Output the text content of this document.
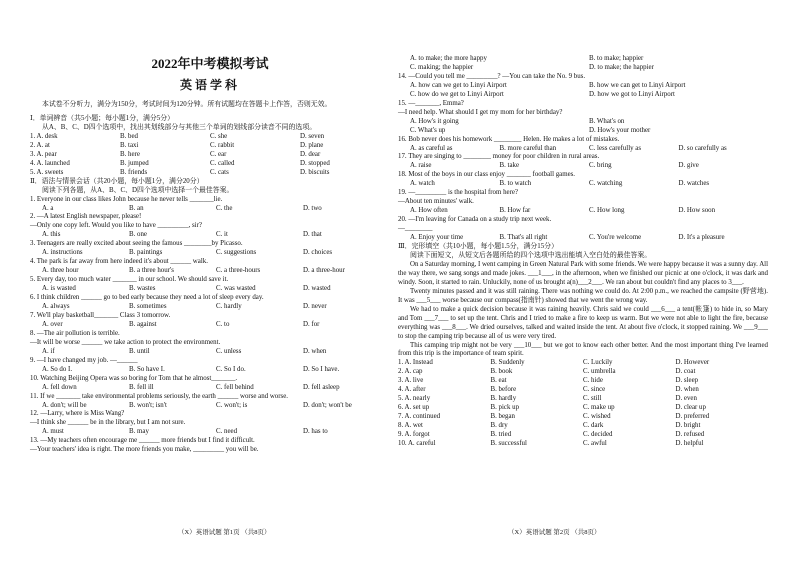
2022年中考模拟考试
英语学科
本试卷不分听力，满分为150分，考试时间为120分钟。所有试题均在答题卡上作答，否则无效。
Ⅰ．单词辨音（共5小题；每小题1分，满分5分）
从A、B、C、D四个选项中，找出其划线部分与其他三个单词的划线部分读音不同的选项。
1. A. desk	B. bed	C. she	D. seven
2. A. at	B. taxi	C. rabbit	D. plane
3. A. pear	B. here	C. ear	D. dear
4. A. launched	B. jumped	C. called	D. stopped
5. A. sweets	B. friends	C. cats	D. biscuits
Ⅱ．语法与情景会话（共20小题，每小题1分，满分20分）
阅读下列各题，从A、B、C、D四个选项中选择一个最佳答案。
1. Everyone in our class likes John because he never tells _______lie.
A. a	B. an	C. the	D. two
2. —A latest English newspaper, please!
—Only one copy left. Would you like to have _________, sir?
A. this	B. one	C. it	D. that
3. Teenagers are really excited about seeing the famous ________by Picasso.
A. instructions	B. paintings	C. suggestions	D. choices
4. The park is far away from here indeed it's about ______ walk.
A. three hour	B. a three hour's	C. a three-hours	D. a three-hour
5. Every day, too much water _______ in our school. We should save it.
A. is wasted	B. wastes	C. was wasted	D. wasted
6. I think children ______ go to bed early because they need a lot of sleep every day.
A. always	B. sometimes	C. hardly	D. never
7. We'll play basketball_______ Class 3 tomorrow.
A. over	B. against	C. to	D. for
8. —The air pollution is terrible.
—It will be worse ______ we take action to protect the environment.
A. if	B. until	C. unless	D. when
9. —I have changed my job. —______
A. So do I.	B. So have I.	C. So I do.	D. So I have.
10. Watching Beijing Opera was so boring for Tom that he almost_______.
A. fell down	B. fell ill	C. fell behind	D. fell asleep
11. If we _______ take environmental problems seriously, the earth ______ worse and worse.
A. don't; will be	B. won't; isn't	C. won't; is	D. don't; won't be
12. —Larry, where is Miss Wang?
—I think she ______ be in the library, but I am not sure.
A. must	B. may	C. need	D. has to
13. —My teachers often encourage me ______ more friends but I find it difficult.
—Your teachers' idea is right. The more friends you make, _________ you will be.
A. to make; the more happy	B. to make; happier
C. making; the happier	D. to make; the happier
14. —Could you tell me _________? —You can take the No. 9 bus.
A. how can we get to Linyi Airport	B. how we can get to Linyi Airport
C. how do we get to Linyi Airport	D. how we got to Linyi Airport
15. —_______, Emma?
—I need help. What should I get my mom for her birthday?
A. How's it going	B. What's on
C. What's up	D. How's your mother
16. Bob never does his homework ________ Helen. He makes a lot of mistakes.
A. as careful as	B. more careful than	C. less carefully as	D. so carefully as
17. They are singing to ________ money for poor children in rural areas.
A. raise	B. take	C. bring	D. give
18. Most of the boys in our class enjoy _______ football games.
A. watch	B. to watch	C. watching	D. watches
19. —_________ is the hospital from here?
—About ten minutes' walk.
A. How often	B. How far	C. How long	D. How soon
20. —I'm leaving for Canada on a study trip next week.
—________
A. Enjoy your time	B. That's all right	C. You're welcome	D. It's a pleasure
Ⅲ．完形填空（共10小题，每小题1.5分，满分15分）
阅读下面短文，从短文后各题所给的四个选项中选出能填入空白处的最佳答案。
On a Saturday morning, I went camping in Green Natural Park with some friends. We were happy because it was a sunny day. All the way there, we sang songs and made jokes. ___1___, in the afternoon, when we finished our picnic at one o'clock, it was dark and windy. Soon, it started to rain. Unluckily, none of us brought a(n)___2___. We ran about but couldn't find any places to 3___.
Twenty minutes passed and it was still raining. There was nothing we could do. At 2:00 p.m., we reached the campsite (野营地). It was ___5___ worse because our compass(指南针) showed that we went the wrong way.
We had to make a quick decision because it was raining heavily. Chris said we could ___6___ a tent(帐篷) to hide in, so Mary and Tom ___7___ to set up the tent. Chris and I tried to make a fire to keep us warm. But we were not able to light the fire, because everything was ___8___. We dried ourselves, talked and waited inside the tent. At about five o'clock, it stopped raining. We ___9___ to stop the camping trip because all of us were very tired.
This camping trip might not be very ___10___ but we got to know each other better. And the most important thing I've learned from this trip is the importance of team spirit.
1. A. Instead	B. Suddenly	C. Luckily	D. However
2. A. cap	B. book	C. umbrella	D. coat
3. A. live	B. eat	C. hide	D. sleep
4. A. after	B. before	C. since	D. when
5. A. nearly	B. hardly	C. still	D. even
6. A. set up	B. pick up	C. make up	D. clear up
7. A. continued	B. began	C. wished	D. preferred
8. A. wet	B. dry	C. dark	D. bright
9. A. forgot	B. tried	C. decided	D. refused
10. A. careful	B. successful	C. awful	D. helpful
（X）英语试题 第1页 （共8页）	（X）英语试题 第2页 （共8页）
